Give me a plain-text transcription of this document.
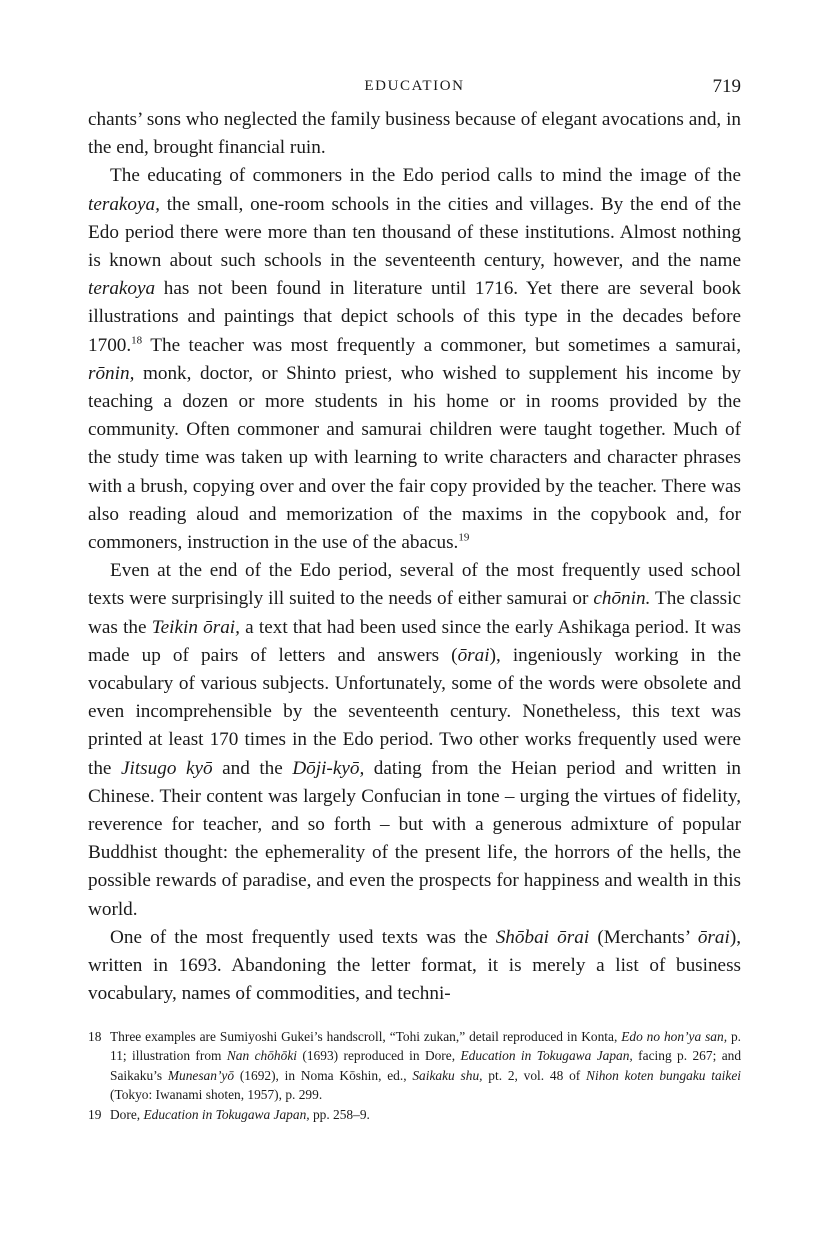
EDUCATION	719

chants’ sons who neglected the family business because of elegant avocations and, in the end, brought financial ruin.

The educating of commoners in the Edo period calls to mind the image of the terakoya, the small, one-room schools in the cities and villages. By the end of the Edo period there were more than ten thousand of these institutions. Almost nothing is known about such schools in the seventeenth century, however, and the name terakoya has not been found in literature until 1716. Yet there are several book illustrations and paintings that depict schools of this type in the decades before 1700.18 The teacher was most frequently a commoner, but sometimes a samurai, rōnin, monk, doctor, or Shinto priest, who wished to supplement his income by teaching a dozen or more students in his home or in rooms provided by the community. Often commoner and samurai children were taught together. Much of the study time was taken up with learning to write characters and character phrases with a brush, copying over and over the fair copy provided by the teacher. There was also reading aloud and memorization of the maxims in the copybook and, for commoners, instruction in the use of the abacus.$^{19}$

Even at the end of the Edo period, several of the most frequently used school texts were surprisingly ill suited to the needs of either samurai or chōnin. The classic was the Teikin ōrai, a text that had been used since the early Ashikaga period. It was made up of pairs of letters and answers (ōrai), ingeniously working in the vocabulary of various subjects. Unfortunately, some of the words were obsolete and even incomprehensible by the seventeenth century. Nonetheless, this text was printed at least 170 times in the Edo period. Two other works frequently used were the Jitsugo kyō and the Dōji-kyō, dating from the Heian period and written in Chinese. Their content was largely Confucian in tone – urging the virtues of fidelity, reverence for teacher, and so forth – but with a generous admixture of popular Buddhist thought: the ephemerality of the present life, the horrors of the hells, the possible rewards of paradise, and even the prospects for happiness and wealth in this world.

One of the most frequently used texts was the Shōbai ōrai (Merchants’ ōrai), written in 1693. Abandoning the letter format, it is merely a list of business vocabulary, names of commodities, and techni-

18 Three examples are Sumiyoshi Gukei’s handscroll, “Tohi zukan,” detail reproduced in Konta, Edo no hon’ya san, p. 11; illustration from Nan chōhōki (1693) reproduced in Dore, Education in Tokugawa Japan, facing p. 267; and Saikaku’s Munesan’yō (1692), in Noma Kōshin, ed., Saikaku shu, pt. 2, vol. 48 of Nihon koten bungaku taikei (Tokyo: Iwanami shoten, 1957), p. 299.
19 Dore, Education in Tokugawa Japan, pp. 258–9.
